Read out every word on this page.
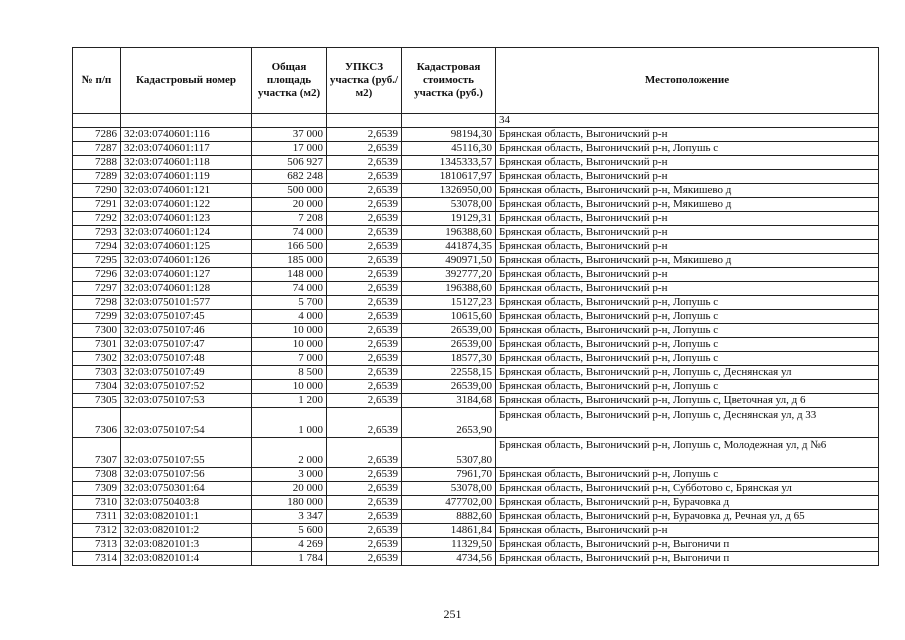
№ п/п	Кадастровый номер	Общая площадь участка (м2)	УПКСЗ участка (руб./м2)	Кадастровая стоимость участка (руб.)	Местоположение
					34
7286	32:03:0740601:116	37 000	2,6539	98194,30	Брянская область, Выгоничский р-н
7287	32:03:0740601:117	17 000	2,6539	45116,30	Брянская область, Выгоничский р-н, Лопушь с
7288	32:03:0740601:118	506 927	2,6539	1345333,57	Брянская область, Выгоничский р-н
7289	32:03:0740601:119	682 248	2,6539	1810617,97	Брянская область, Выгоничский р-н
7290	32:03:0740601:121	500 000	2,6539	1326950,00	Брянская область, Выгоничский р-н, Мякишево д
7291	32:03:0740601:122	20 000	2,6539	53078,00	Брянская область, Выгоничский р-н, Мякишево д
7292	32:03:0740601:123	7 208	2,6539	19129,31	Брянская область, Выгоничский р-н
7293	32:03:0740601:124	74 000	2,6539	196388,60	Брянская область, Выгоничский р-н
7294	32:03:0740601:125	166 500	2,6539	441874,35	Брянская область, Выгоничский р-н
7295	32:03:0740601:126	185 000	2,6539	490971,50	Брянская область, Выгоничский р-н, Мякишево д
7296	32:03:0740601:127	148 000	2,6539	392777,20	Брянская область, Выгоничский р-н
7297	32:03:0740601:128	74 000	2,6539	196388,60	Брянская область, Выгоничский р-н
7298	32:03:0750101:577	5 700	2,6539	15127,23	Брянская область, Выгоничский р-н, Лопушь с
7299	32:03:0750107:45	4 000	2,6539	10615,60	Брянская область, Выгоничский р-н, Лопушь с
7300	32:03:0750107:46	10 000	2,6539	26539,00	Брянская область, Выгоничский р-н, Лопушь с
7301	32:03:0750107:47	10 000	2,6539	26539,00	Брянская область, Выгоничский р-н, Лопушь с
7302	32:03:0750107:48	7 000	2,6539	18577,30	Брянская область, Выгоничский р-н, Лопушь с
7303	32:03:0750107:49	8 500	2,6539	22558,15	Брянская область, Выгоничский р-н, Лопушь с, Деснянская ул
7304	32:03:0750107:52	10 000	2,6539	26539,00	Брянская область, Выгоничский р-н, Лопушь с
7305	32:03:0750107:53	1 200	2,6539	3184,68	Брянская область, Выгоничский р-н, Лопушь с, Цветочная ул, д 6
7306	32:03:0750107:54	1 000	2,6539	2653,90	Брянская область, Выгоничский р-н, Лопушь с, Деснянская ул, д 33
7307	32:03:0750107:55	2 000	2,6539	5307,80	Брянская область, Выгоничский р-н, Лопушь с, Молодежная ул, д №6
7308	32:03:0750107:56	3 000	2,6539	7961,70	Брянская область, Выгоничский р-н, Лопушь с
7309	32:03:0750301:64	20 000	2,6539	53078,00	Брянская область, Выгоничский р-н, Субботово с, Брянская ул
7310	32:03:0750403:8	180 000	2,6539	477702,00	Брянская область, Выгоничский р-н, Бурачовка д
7311	32:03:0820101:1	3 347	2,6539	8882,60	Брянская область, Выгоничский р-н, Бурачовка д, Речная ул, д 65
7312	32:03:0820101:2	5 600	2,6539	14861,84	Брянская область, Выгоничский р-н
7313	32:03:0820101:3	4 269	2,6539	11329,50	Брянская область, Выгоничский р-н, Выгоничи п
7314	32:03:0820101:4	1 784	2,6539	4734,56	Брянская область, Выгоничский р-н, Выгоничи п
251
